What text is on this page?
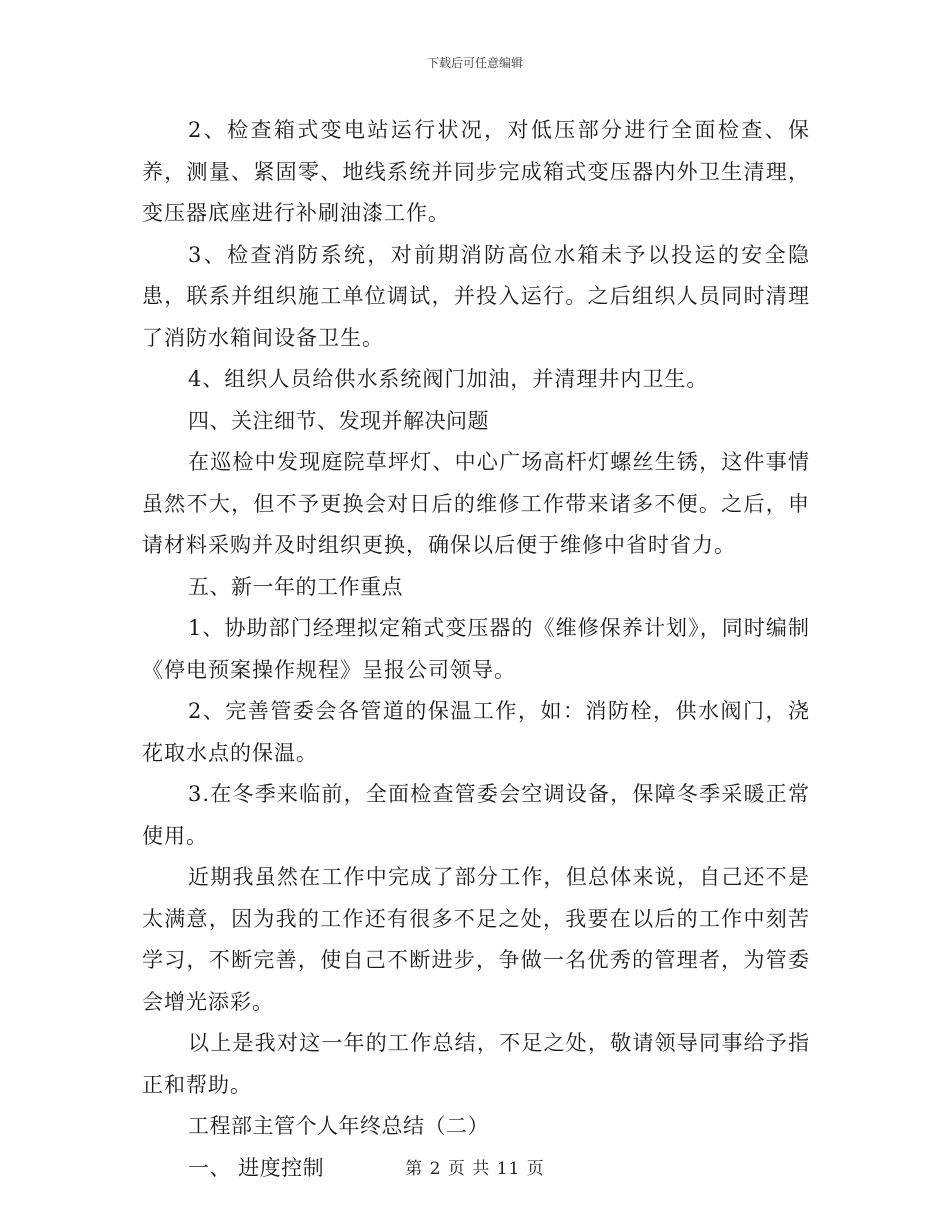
下载后可任意编辑

2、检查箱式变电站运行状况，对低压部分进行全面检查、保养，测量、紧固零、地线系统并同步完成箱式变压器内外卫生清理，变压器底座进行补刷油漆工作。

3、检查消防系统，对前期消防高位水箱未予以投运的安全隐患，联系并组织施工单位调试，并投入运行。之后组织人员同时清理了消防水箱间设备卫生。

4、组织人员给供水系统阀门加油，并清理井内卫生。

四、关注细节、发现并解决问题

在巡检中发现庭院草坪灯、中心广场高杆灯螺丝生锈，这件事情虽然不大，但不予更换会对日后的维修工作带来诸多不便。之后，申请材料采购并及时组织更换，确保以后便于维修中省时省力。

五、新一年的工作重点

1、协助部门经理拟定箱式变压器的《维修保养计划》，同时编制《停电预案操作规程》呈报公司领导。

2、完善管委会各管道的保温工作，如：消防栓，供水阀门，浇花取水点的保温。

3.在冬季来临前，全面检查管委会空调设备，保障冬季采暖正常使用。

近期我虽然在工作中完成了部分工作，但总体来说，自己还不是太满意，因为我的工作还有很多不足之处，我要在以后的工作中刻苦学习，不断完善，使自己不断进步，争做一名优秀的管理者，为管委会增光添彩。

以上是我对这一年的工作总结，不足之处，敬请领导同事给予指正和帮助。

工程部主管个人年终总结（二）

一、 进度控制	第 2 页 共 11 页
